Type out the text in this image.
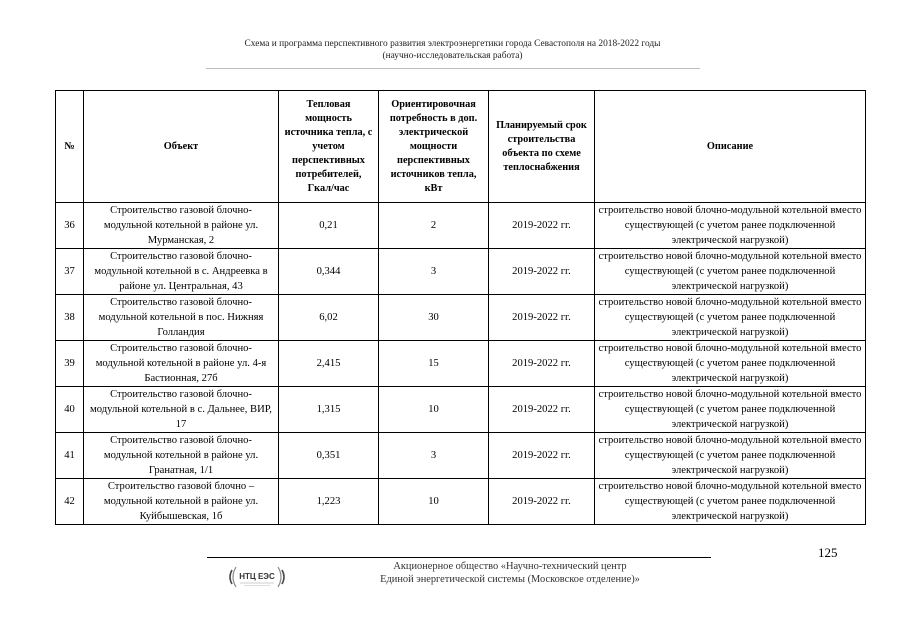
Схема и программа перспективного развития электроэнергетики города Севастополя на 2018-2022 годы
(научно-исследовательская работа)
№	Объект	Тепловая мощность источника тепла, с учетом перспективных потребителей, Гкал/час	Ориентировочная потребность в доп. электрической мощности перспективных источников тепла, кВт	Планируемый срок строительства объекта по схеме теплоснабжения	Описание
36	Строительство газовой блочно-модульной котельной в районе ул. Мурманская, 2	0,21	2	2019-2022 гг.	строительство новой блочно-модульной котельной вместо существующей (с учетом ранее подключенной электрической нагрузкой)
37	Строительство газовой блочно-модульной котельной в с. Андреевка в районе ул. Центральная, 43	0,344	3	2019-2022 гг.	строительство новой блочно-модульной котельной вместо существующей (с учетом ранее подключенной электрической нагрузкой)
38	Строительство газовой блочно-модульной котельной в пос. Нижняя Голландия	6,02	30	2019-2022 гг.	строительство новой блочно-модульной котельной вместо существующей (с учетом ранее подключенной электрической нагрузкой)
39	Строительство газовой блочно-модульной котельной в районе ул. 4-я Бастионная, 27б	2,415	15	2019-2022 гг.	строительство новой блочно-модульной котельной вместо существующей (с учетом ранее подключенной электрической нагрузкой)
40	Строительство газовой блочно-модульной котельной в с. Дальнее, ВИР, 17	1,315	10	2019-2022 гг.	строительство новой блочно-модульной котельной вместо существующей (с учетом ранее подключенной электрической нагрузкой)
41	Строительство газовой блочно-модульной котельной в районе ул. Гранатная, 1/1	0,351	3	2019-2022 гг.	строительство новой блочно-модульной котельной вместо существующей (с учетом ранее подключенной электрической нагрузкой)
42	Строительство газовой блочно – модульной котельной в районе ул. Куйбышевская, 1б	1,223	10	2019-2022 гг.	строительство новой блочно-модульной котельной вместо существующей (с учетом ранее подключенной электрической нагрузкой)
125
НТЦ ЕЭС
Акционерное общество «Научно-технический центр
Единой энергетической системы (Московское отделение)»
